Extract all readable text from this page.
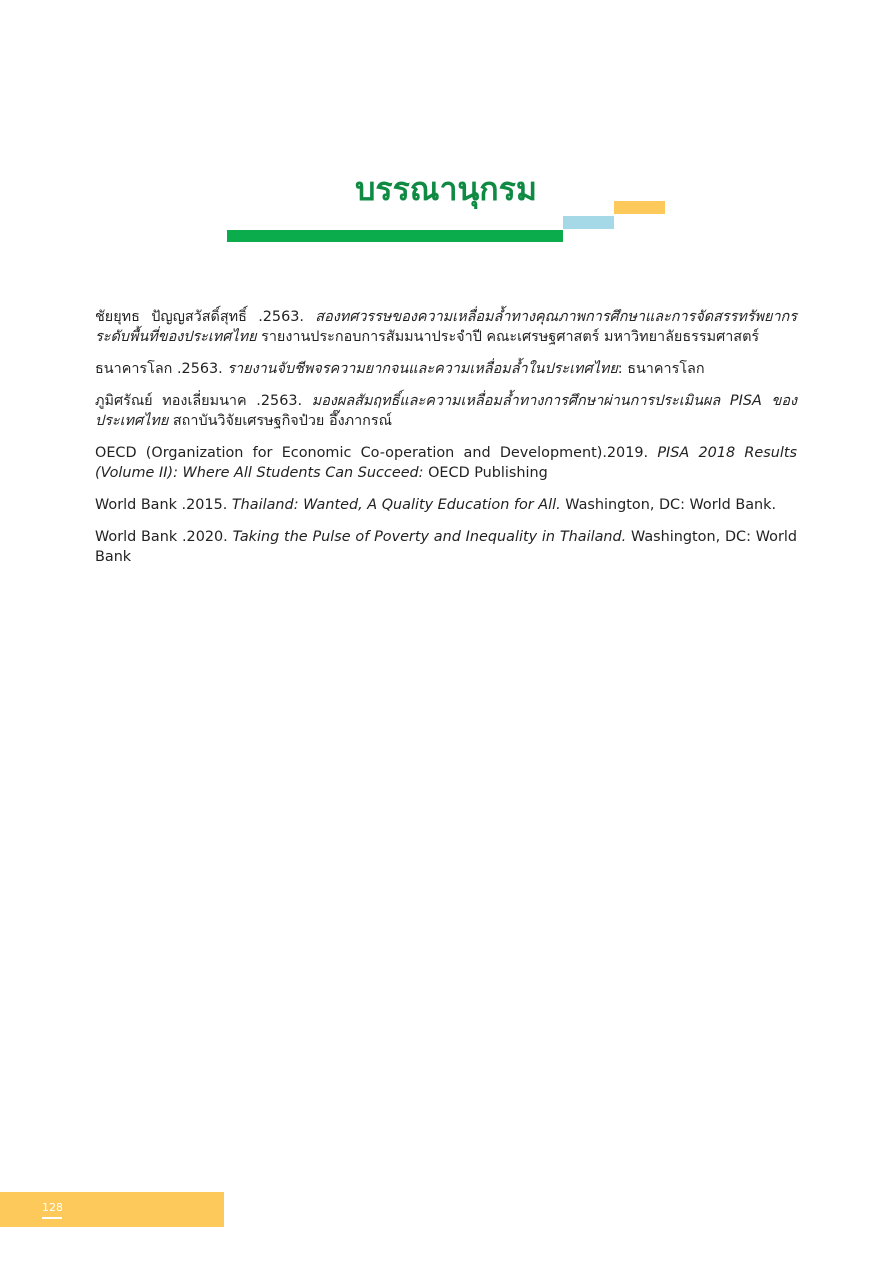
บรรณานุกรม

ชัยยุทธ ปัญญสวัสดิ์สุทธิ์ .2563. สองทศวรรษของความเหลื่อมล้ำทางคุณภาพการศึกษาและการจัดสรรทรัพยากรระดับพื้นที่ของประเทศไทย รายงานประกอบการสัมมนาประจำปี คณะเศรษฐศาสตร์ มหาวิทยาลัยธรรมศาสตร์

ธนาคารโลก .2563. รายงานจับชีพจรความยากจนและความเหลื่อมล้ำในประเทศไทย: ธนาคารโลก

ภูมิศรัณย์ ทองเลี่ยมนาค .2563. มองผลสัมฤทธิ์และความเหลื่อมล้ำทางการศึกษาผ่านการประเมินผล PISA ของประเทศไทย สถาบันวิจัยเศรษฐกิจป๋วย อึ๊งภากรณ์

OECD (Organization for Economic Co-operation and Development).2019. PISA 2018 Results (Volume II): Where All Students Can Succeed: OECD Publishing

World Bank .2015. Thailand: Wanted, A Quality Education for All. Washington, DC: World Bank.

World Bank .2020. Taking the Pulse of Poverty and Inequality in Thailand. Washington, DC: World Bank

128
